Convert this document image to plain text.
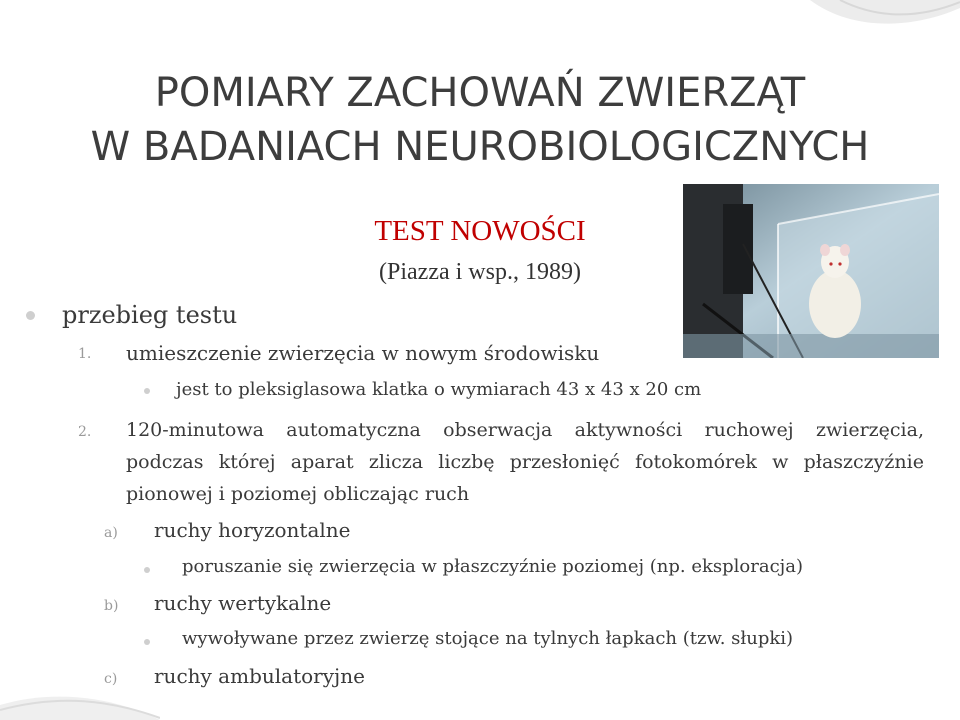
POMIARY ZACHOWAŃ ZWIERZĄT
W BADANIACH NEUROBIOLOGICZNYCH
TEST NOWOŚCI
(Piazza i wsp., 1989)
przebieg testu
1. umieszczenie zwierzęcia w nowym środowisku
jest to pleksiglasowa klatka o wymiarach 43 x 43 x 20 cm
2. 120-minutowa automatyczna obserwacja aktywności ruchowej zwierzęcia, podczas której aparat zlicza liczbę przesłonięć fotokomórek w płaszczyźnie pionowej i poziomej obliczając ruch
a) ruchy horyzontalne
poruszanie się zwierzęcia w płaszczyźnie poziomej (np. eksploracja)
b) ruchy wertykalne
wywoływane przez zwierzę stojące na tylnych łapkach (tzw. słupki)
c) ruchy ambulatoryjne
